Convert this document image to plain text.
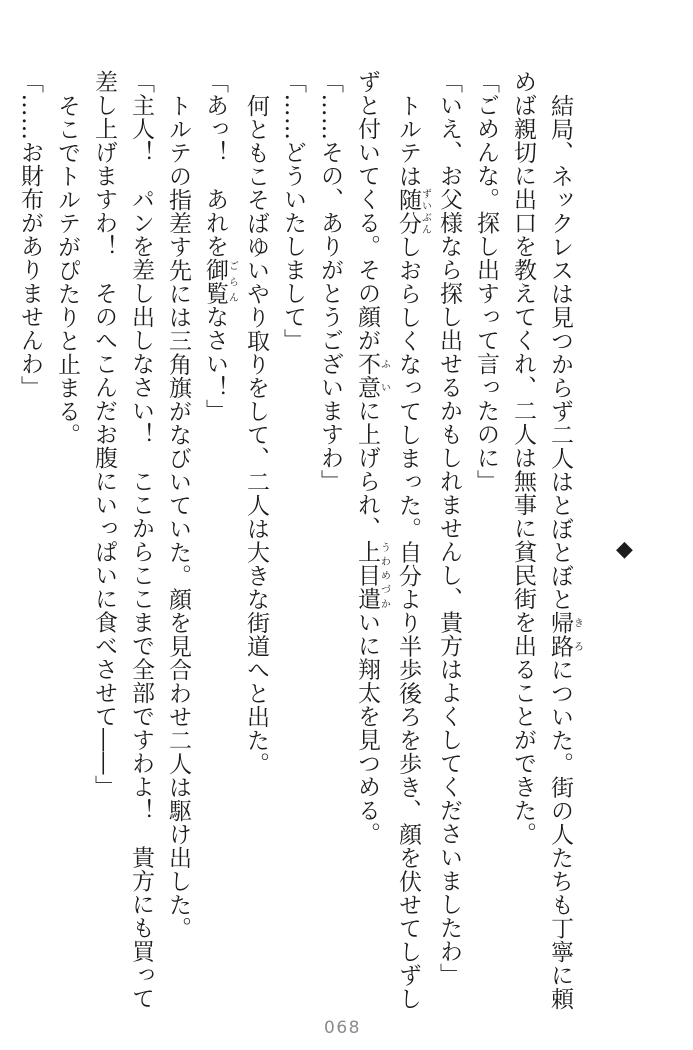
◆

結局、ネックレスは見つからず二人はとぼとぼと帰路きろについた。街の人たちも丁寧に頼

めば親切に出口を教えてくれ、二人は無事に貧民街を出ることができた。

「ごめんな。探し出すって言ったのに」

「いえ、お父様なら探し出せるかもしれませんし、貴方はよくしてくださいましたわ」

トルテは随分ずいぶんしおらしくなってしまった。自分より半歩後ろを歩き、顔を伏せてしずし

ずと付いてくる。その顔が不意ふいに上げられ、上目遣うわめづかいに翔太を見つめる。

「……その、ありがとうございますわ」

「……どういたしまして」

何ともこそばゆいやり取りをして、二人は大きな街道へと出た。

「あっ！　あれを御覧ごらんなさい！」

トルテの指差す先には三角旗がなびいていた。顔を見合わせ二人は駆け出した。

「主人！　パンを差し出しなさい！　ここからここまで全部ですわよ！　貴方にも買って

差し上げますわ！　そのへこんだお腹にいっぱいに食べさせて――」

そこでトルテがぴたりと止まる。

「……お財布がありませんわ」

068
